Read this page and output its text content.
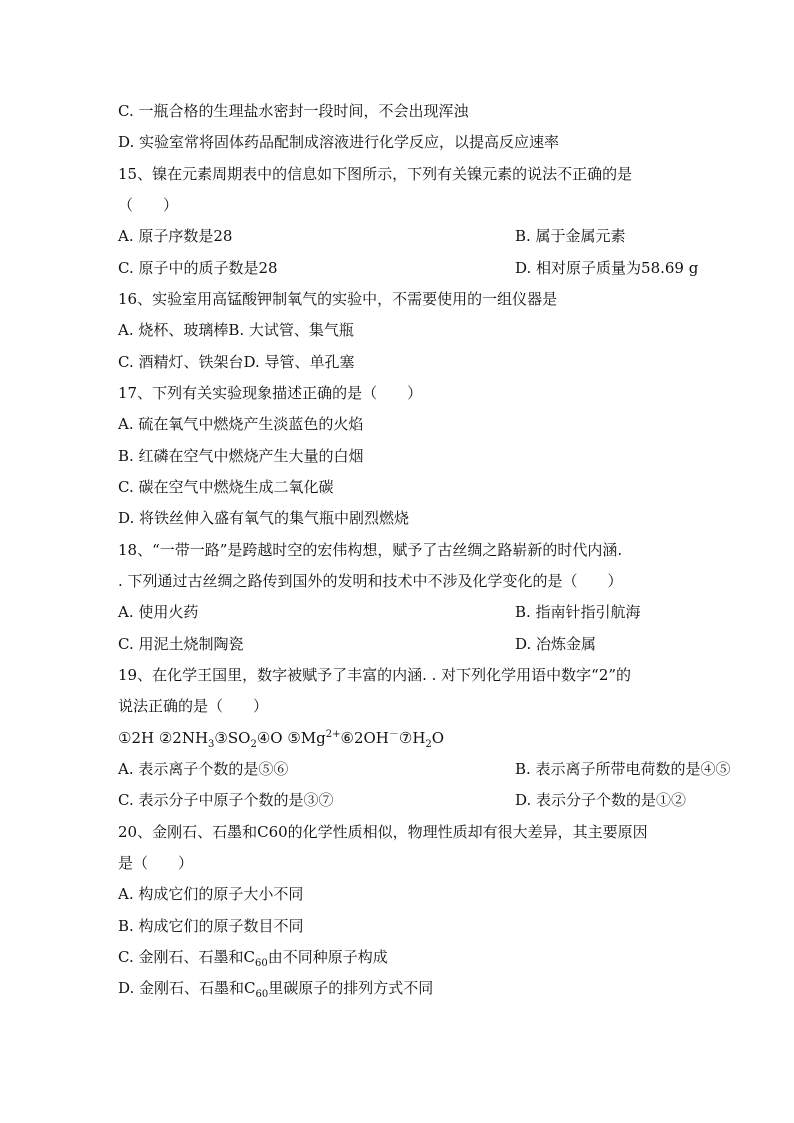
C. 一瓶合格的生理盐水密封一段时间，不会出现浑浊
D. 实验室常将固体药品配制成溶液进行化学反应，以提高反应速率
15、镍在元素周期表中的信息如下图所示，下列有关镍元素的说法不正确的是
（　　）
A. 原子序数是28	B. 属于金属元素
C. 原子中的质子数是28	D. 相对原子质量为58.69 g
16、实验室用高锰酸钾制氧气的实验中，不需要使用的一组仪器是
A. 烧杯、玻璃棒B. 大试管、集气瓶
C. 酒精灯、铁架台D. 导管、单孔塞
17、下列有关实验现象描述正确的是（　　）
A. 硫在氧气中燃烧产生淡蓝色的火焰
B. 红磷在空气中燃烧产生大量的白烟
C. 碳在空气中燃烧生成二氧化碳
D. 将铁丝伸入盛有氧气的集气瓶中剧烈燃烧
18、“一带一路”是跨越时空的宏伟构想，赋予了古丝绸之路崭新的时代内涵.
. 下列通过古丝绸之路传到国外的发明和技术中不涉及化学变化的是（　　）
A. 使用火药	B. 指南针指引航海
C. 用泥土烧制陶瓷	D. 冶炼金属
19、在化学王国里，数字被赋予了丰富的内涵. . 对下列化学用语中数字“2”的
说法正确的是（　　）
①2H $②2NH_3③SO_2④O$ $⑤Mg^{2+}⑥2OH^-⑦H_2O$
A. 表示离子个数的是⑤⑥	B. 表示离子所带电荷数的是④⑤
C. 表示分子中原子个数的是③⑦	D. 表示分子个数的是①②
20、金刚石、石墨和C60的化学性质相似，物理性质却有很大差异，其主要原因
是（　　）
A. 构成它们的原子大小不同
B. 构成它们的原子数目不同
C. 金刚石、石墨和$C_{60}$由不同种原子构成
D. 金刚石、石墨和$C_{60}$里碳原子的排列方式不同
